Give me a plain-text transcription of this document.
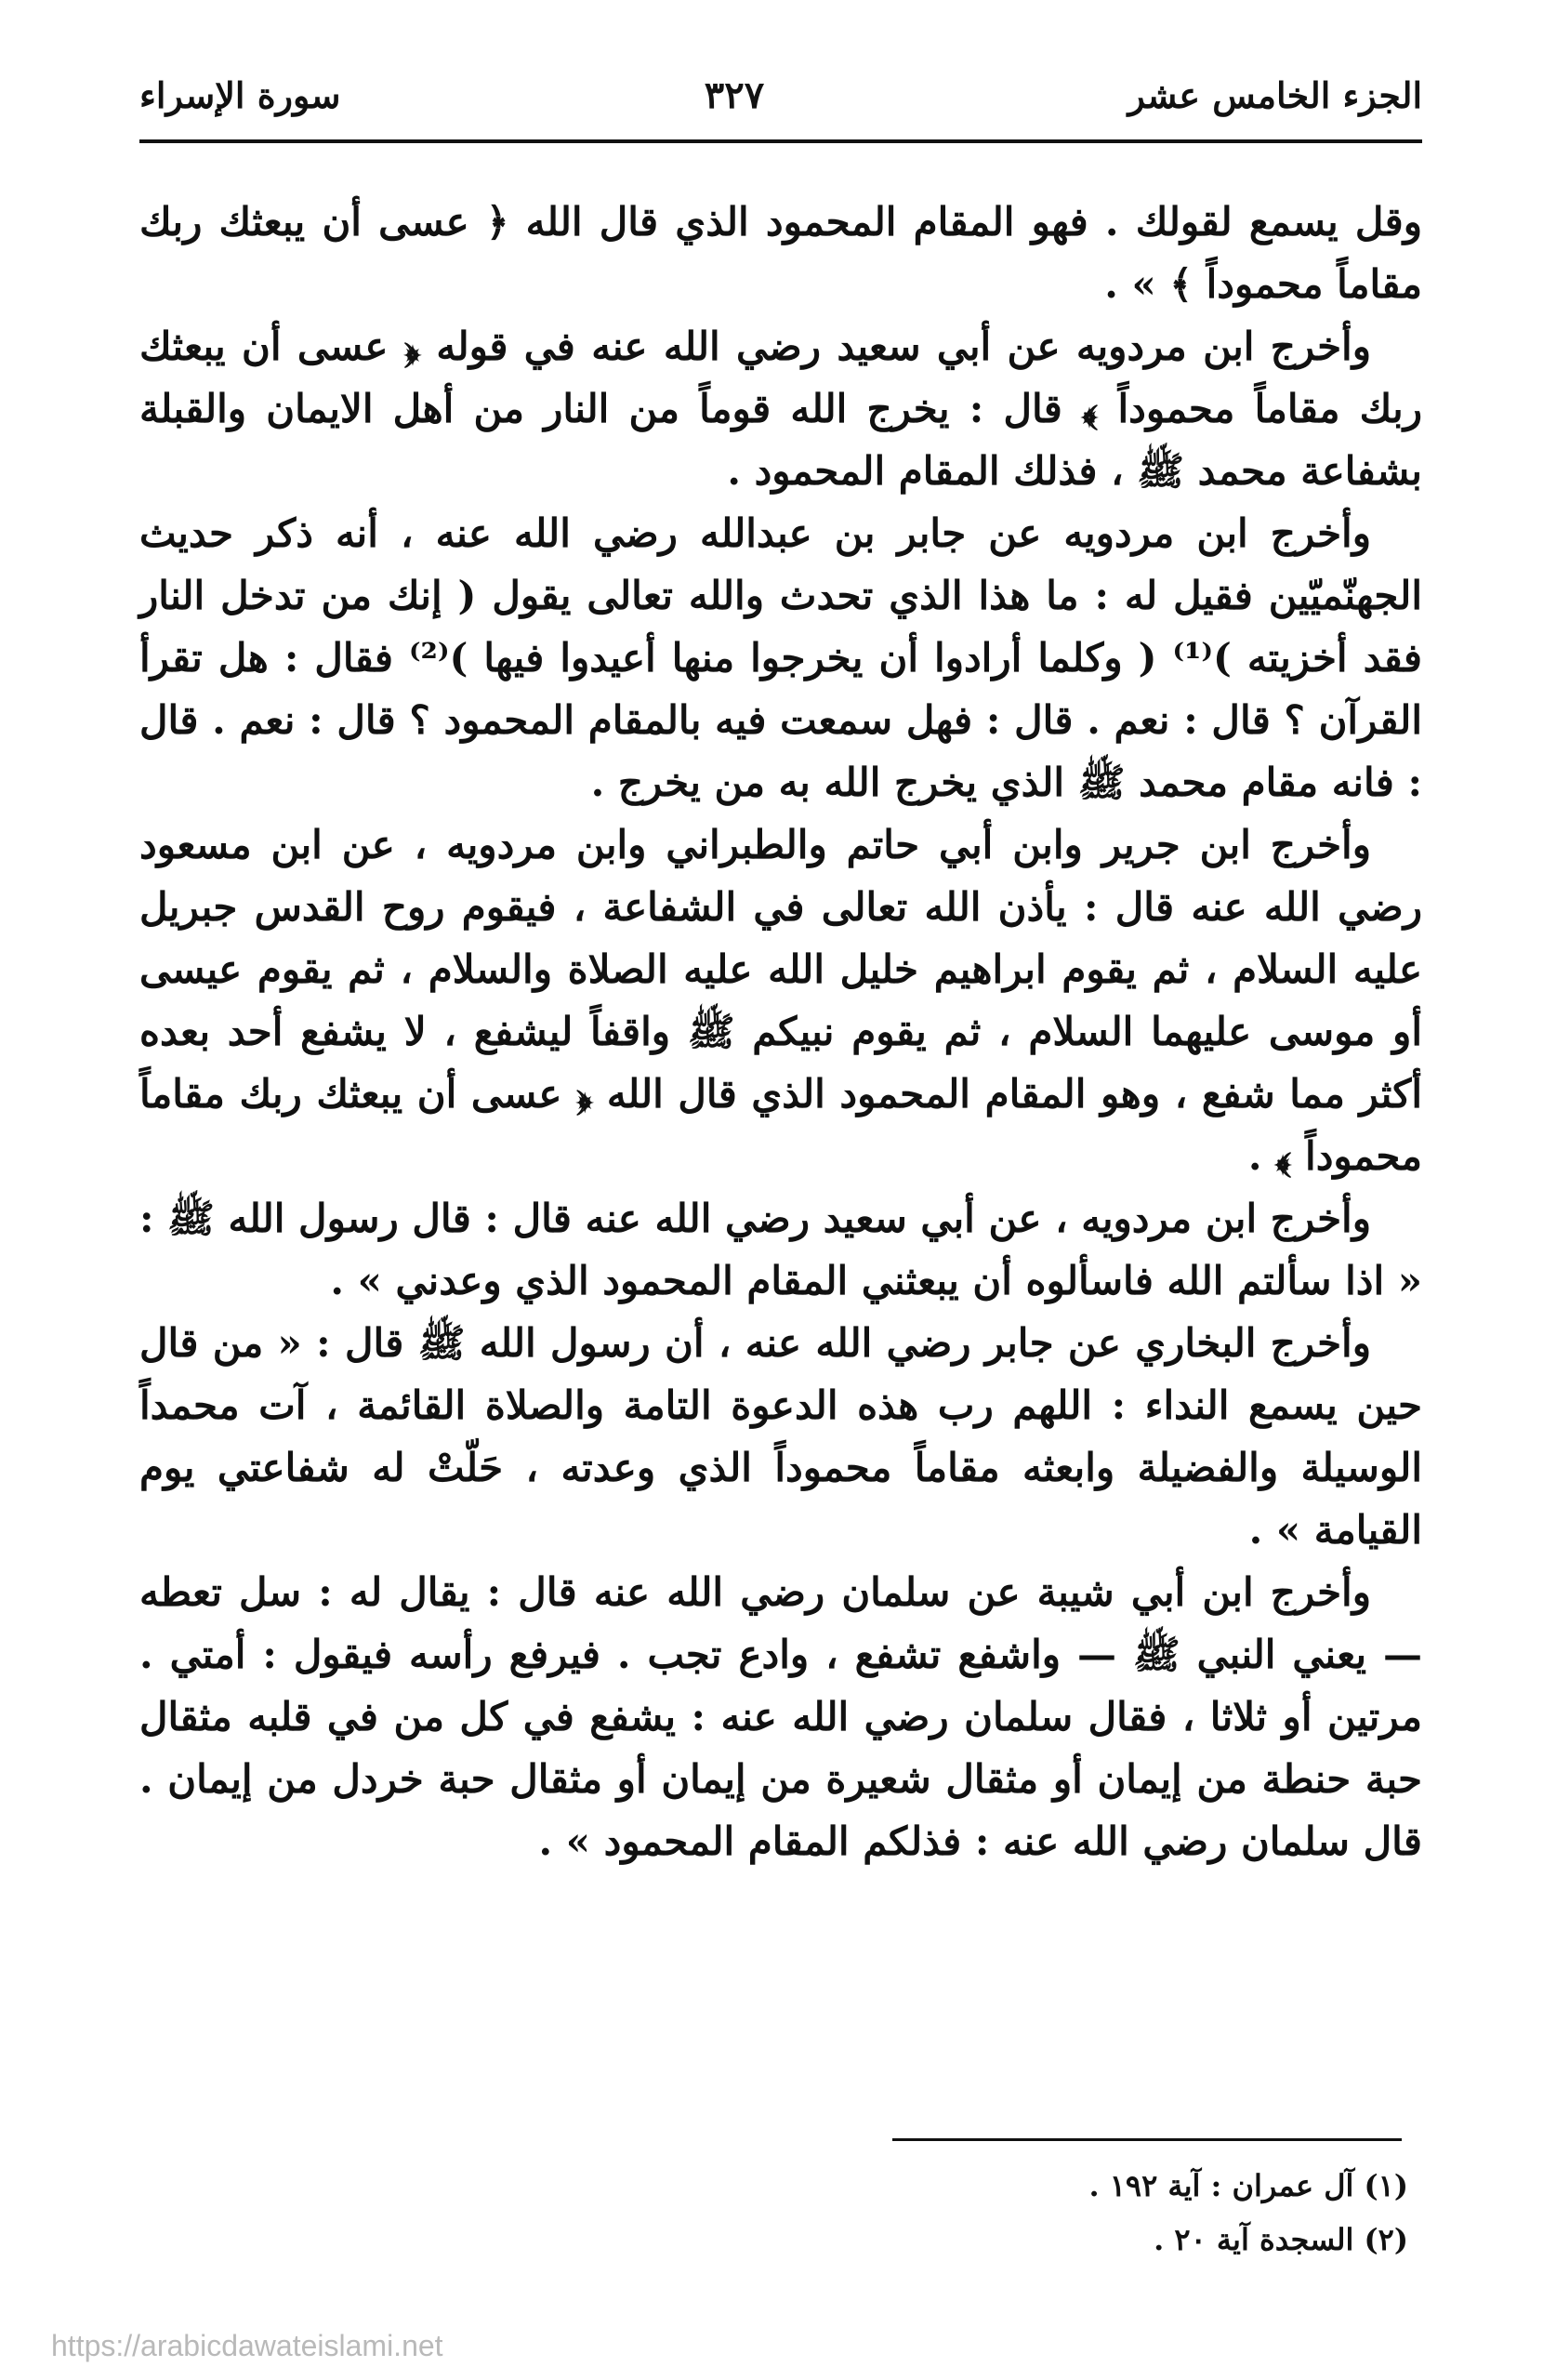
الجزء الخامس عشر
٣٢٧
سورة الإسراء

وقل يسمع لقولك . فهو المقام المحمود الذي قال الله ﴿ عسى أن يبعثك ربك مقاماً محموداً ﴾ » .

وأخرج ابن مردويه عن أبي سعيد رضي الله عنه في قوله ﴿ عسى أن يبعثك ربك مقاماً محموداً ﴾ قال : يخرج الله قوماً من النار من أهل الايمان والقبلة بشفاعة محمد ﷺ ، فذلك المقام المحمود .

وأخرج ابن مردويه عن جابر بن عبدالله رضي الله عنه ، أنه ذكر حديث الجهنّميّين فقيل له : ما هذا الذي تحدث والله تعالى يقول ( إنك من تدخل النار فقد أخزيته )⁽¹⁾ ( وكلما أرادوا أن يخرجوا منها أعيدوا فيها )⁽²⁾ فقال : هل تقرأ القرآن ؟ قال : نعم . قال : فهل سمعت فيه بالمقام المحمود ؟ قال : نعم . قال : فانه مقام محمد ﷺ الذي يخرج الله به من يخرج .

وأخرج ابن جرير وابن أبي حاتم والطبراني وابن مردويه ، عن ابن مسعود رضي الله عنه قال : يأذن الله تعالى في الشفاعة ، فيقوم روح القدس جبريل عليه السلام ، ثم يقوم ابراهيم خليل الله عليه الصلاة والسلام ، ثم يقوم عيسى أو موسى عليهما السلام ، ثم يقوم نبيكم ﷺ واقفاً ليشفع ، لا يشفع أحد بعده أكثر مما شفع ، وهو المقام المحمود الذي قال الله ﴿ عسى أن يبعثك ربك مقاماً محموداً ﴾ .

وأخرج ابن مردويه ، عن أبي سعيد رضي الله عنه قال : قال رسول الله ﷺ : « اذا سألتم الله فاسألوه أن يبعثني المقام المحمود الذي وعدني » .

وأخرج البخاري عن جابر رضي الله عنه ، أن رسول الله ﷺ قال : « من قال حين يسمع النداء : اللهم رب هذه الدعوة التامة والصلاة القائمة ، آت محمداً الوسيلة والفضيلة وابعثه مقاماً محموداً الذي وعدته ، حَلّتْ له شفاعتي يوم القيامة » .

وأخرج ابن أبي شيبة عن سلمان رضي الله عنه قال : يقال له : سل تعطه — يعني النبي ﷺ — واشفع تشفع ، وادع تجب . فيرفع رأسه فيقول : أمتي . مرتين أو ثلاثا ، فقال سلمان رضي الله عنه : يشفع في كل من في قلبه مثقال حبة حنطة من إيمان أو مثقال شعيرة من إيمان أو مثقال حبة خردل من إيمان . قال سلمان رضي الله عنه : فذلكم المقام المحمود » .

(١) آل عمران : آية ١٩٢ .
(٢) السجدة آية ٢٠ .
https://arabicdawateislami.net
